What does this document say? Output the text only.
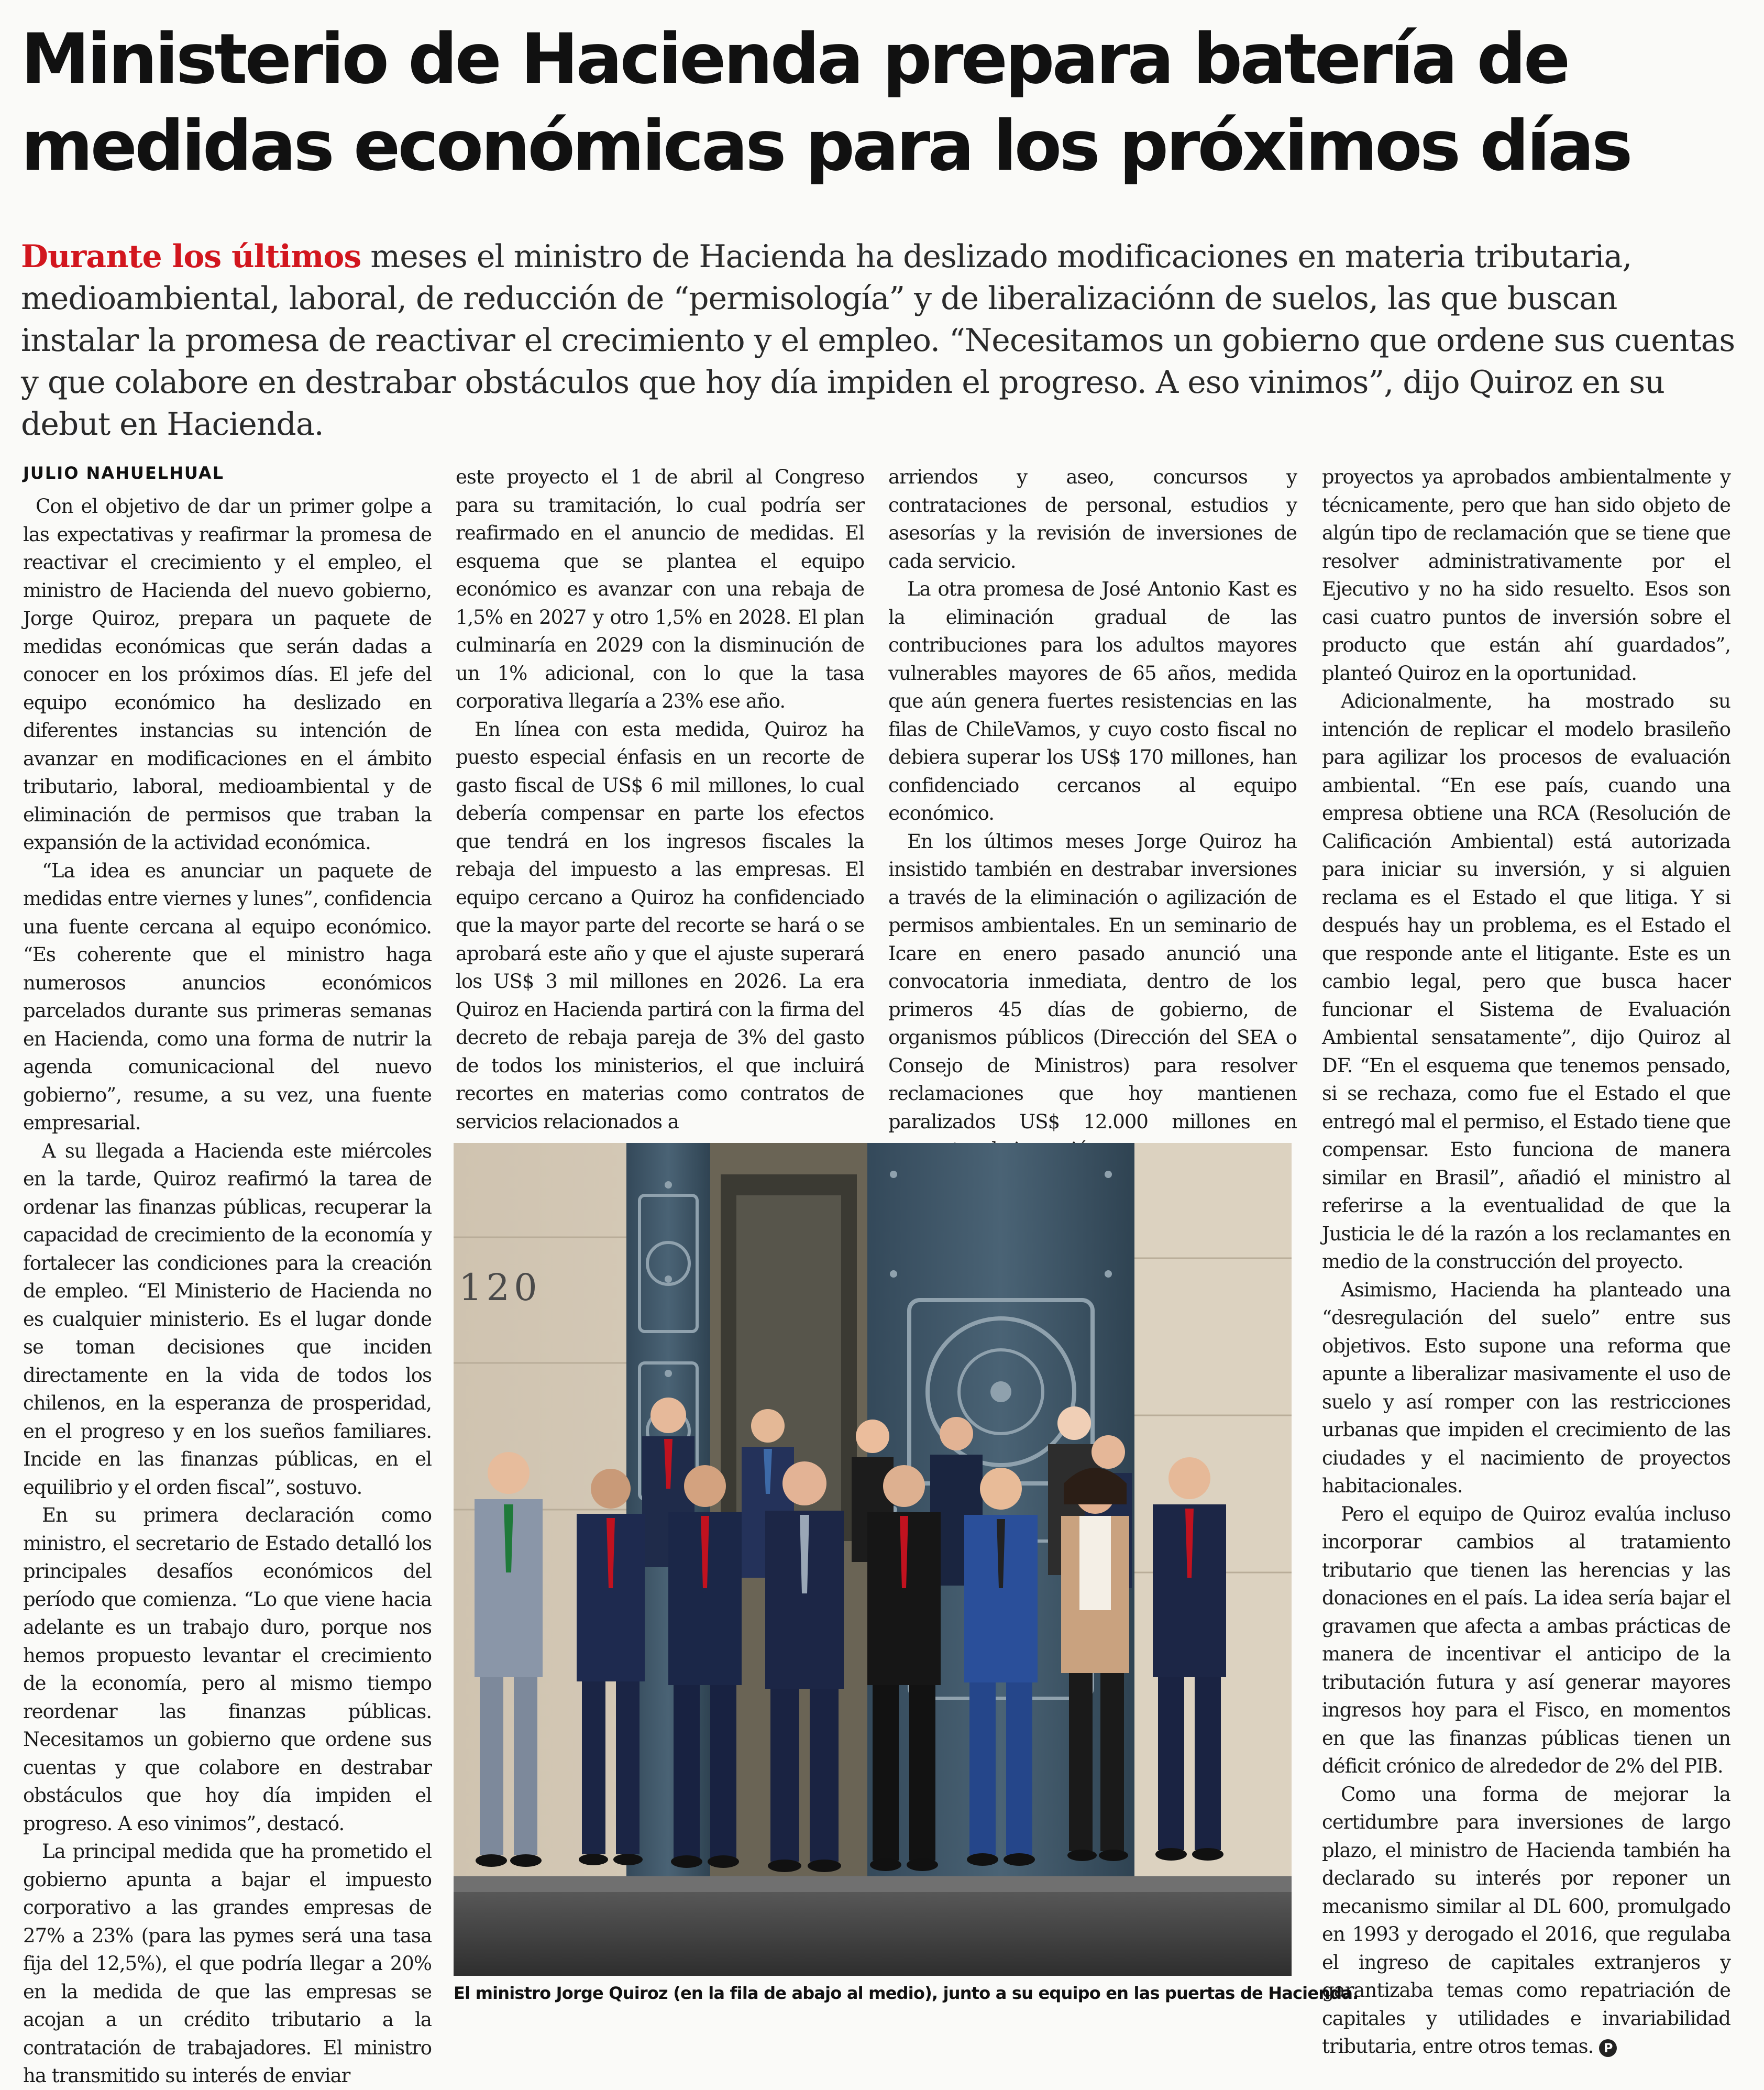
Ministerio de Hacienda prepara batería de medidas económicas para los próximos días

Durante los últimos meses el ministro de Hacienda ha deslizado modificaciones en materia tributaria, medioambiental, laboral, de reducción de “permisología” y de liberalizaciónn de suelos, las que buscan instalar la promesa de reactivar el crecimiento y el empleo. “Necesitamos un gobierno que ordene sus cuentas y que colabore en destrabar obstáculos que hoy día impiden el progreso. A eso vinimos”, dijo Quiroz en su debut en Hacienda.

JULIO NAHUELHUAL

Con el objetivo de dar un primer golpe a las expectativas y reafirmar la promesa de reactivar el crecimiento y el empleo, el ministro de Hacienda del nuevo gobierno, Jorge Quiroz, prepara un paquete de medidas económicas que serán dadas a conocer en los próximos días. El jefe del equipo económico ha deslizado en diferentes instancias su intención de avanzar en modificaciones en el ámbito tributario, laboral, medioambiental y de eliminación de permisos que traban la expansión de la actividad económica.

“La idea es anunciar un paquete de medidas entre viernes y lunes”, confidencia una fuente cercana al equipo económico. “Es coherente que el ministro haga numerosos anuncios económicos parcelados durante sus primeras semanas en Hacienda, como una forma de nutrir la agenda comunicacional del nuevo gobierno”, resume, a su vez, una fuente empresarial.

A su llegada a Hacienda este miércoles en la tarde, Quiroz reafirmó la tarea de ordenar las finanzas públicas, recuperar la capacidad de crecimiento de la economía y fortalecer las condiciones para la creación de empleo. “El Ministerio de Hacienda no es cualquier ministerio. Es el lugar donde se toman decisiones que inciden directamente en la vida de todos los chilenos, en la esperanza de prosperidad, en el progreso y en los sueños familiares. Incide en las finanzas públicas, en el equilibrio y el orden fiscal”, sostuvo.

En su primera declaración como ministro, el secretario de Estado detalló los principales desafíos económicos del período que comienza. “Lo que viene hacia adelante es un trabajo duro, porque nos hemos propuesto levantar el crecimiento de la economía, pero al mismo tiempo reordenar las finanzas públicas. Necesitamos un gobierno que ordene sus cuentas y que colabore en destrabar obstáculos que hoy día impiden el progreso. A eso vinimos”, destacó.

La principal medida que ha prometido el gobierno apunta a bajar el impuesto corporativo a las grandes empresas de 27% a 23% (para las pymes será una tasa fija del 12,5%), el que podría llegar a 20% en la medida de que las empresas se acojan a un crédito tributario a la contratación de trabajadores. El ministro ha transmitido su interés de enviar

este proyecto el 1 de abril al Congreso para su tramitación, lo cual podría ser reafirmado en el anuncio de medidas. El esquema que se plantea el equipo económico es avanzar con una rebaja de 1,5% en 2027 y otro 1,5% en 2028. El plan culminaría en 2029 con la disminución de un 1% adicional, con lo que la tasa corporativa llegaría a 23% ese año.

En línea con esta medida, Quiroz ha puesto especial énfasis en un recorte de gasto fiscal de US$ 6 mil millones, lo cual debería compensar en parte los efectos que tendrá en los ingresos fiscales la rebaja del impuesto a las empresas. El equipo cercano a Quiroz ha confidenciado que la mayor parte del recorte se hará o se aprobará este año y que el ajuste superará los US$ 3 mil millones en 2026. La era Quiroz en Hacienda partirá con la firma del decreto de rebaja pareja de 3% del gasto de todos los ministerios, el que incluirá recortes en materias como contratos de servicios relacionados a

arriendos y aseo, concursos y contrataciones de personal, estudios y asesorías y la revisión de inversiones de cada servicio.

La otra promesa de José Antonio Kast es la eliminación gradual de las contribuciones para los adultos mayores vulnerables mayores de 65 años, medida que aún genera fuertes resistencias en las filas de ChileVamos, y cuyo costo fiscal no debiera superar los US$ 170 millones, han confidenciado cercanos al equipo económico.

En los últimos meses Jorge Quiroz ha insistido también en destrabar inversiones a través de la eliminación o agilización de permisos ambientales. En un seminario de Icare en enero pasado anunció una convocatoria inmediata, dentro de los primeros 45 días de gobierno, de organismos públicos (Dirección del SEA o Consejo de Ministros) para resolver reclamaciones que hoy mantienen paralizados US$ 12.000 millones en

proyectos ya aprobados ambientalmente y técnicamente, pero que han sido objeto de algún tipo de reclamación que se tiene que resolver administrativamente por el Ejecutivo y no ha sido resuelto. Esos son casi cuatro puntos de inversión sobre el producto que están ahí guardados”, planteó Quiroz en la oportunidad.

Adicionalmente, ha mostrado su intención de replicar el modelo brasileño para agilizar los procesos de evaluación ambiental. “En ese país, cuando una empresa obtiene una RCA (Resolución de Calificación Ambiental) está autorizada para iniciar su inversión, y si alguien reclama es el Estado el que litiga. Y si después hay un problema, es el Estado el que responde ante el litigante. Este es un cambio legal, pero que busca hacer funcionar el Sistema de Evaluación Ambiental sensatamente”, dijo Quiroz al DF. “En el esquema que tenemos pensado, si se rechaza, como fue el Estado el que entregó mal el permiso, el Estado tiene que compensar. Esto funciona de manera similar en Brasil”, añadió el ministro al referirse a la eventualidad de que la Justicia le dé la razón a los reclamantes en medio de la construcción del proyecto.

Asimismo, Hacienda ha planteado una “desregulación del suelo” entre sus objetivos. Esto supone una reforma que apunte a liberalizar masivamente el uso de suelo y así romper con las restricciones urbanas que impiden el crecimiento de las ciudades y el nacimiento de proyectos habitacionales.

Pero el equipo de Quiroz evalúa incluso incorporar cambios al tratamiento tributario que tienen las herencias y las donaciones en el país. La idea sería bajar el gravamen que afecta a ambas prácticas de manera de incentivar el anticipo de la tributación futura y así generar mayores ingresos hoy para el Fisco, en momentos en que las finanzas públicas tienen un déficit crónico de alrededor de 2% del PIB.

Como una forma de mejorar la certidumbre para inversiones de largo plazo, el ministro de Hacienda también ha declarado su interés por reponer un mecanismo similar al DL 600, promulgado en 1993 y derogado el 2016, que regulaba el ingreso de capitales extranjeros y garantizaba temas como repatriación de capitales y utilidades e invariabilidad tributaria, entre otros temas. P

120
El ministro Jorge Quiroz (en la fila de abajo al medio), junto a su equipo en las puertas de Hacienda.
